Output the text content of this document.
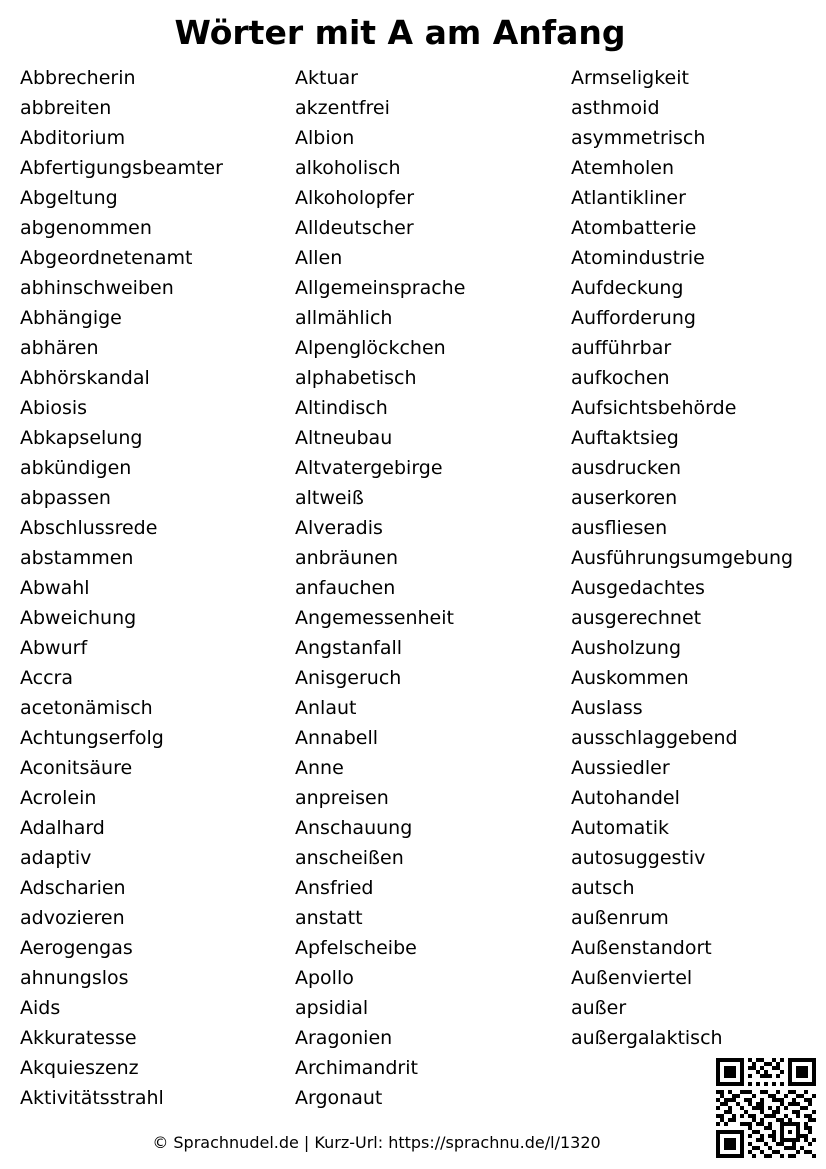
Wörter mit A am Anfang
Abbrecherin
abbreiten
Abditorium
Abfertigungsbeamter
Abgeltung
abgenommen
Abgeordnetenamt
abhinschweiben
Abhängige
abhären
Abhörskandal
Abiosis
Abkapselung
abkündigen
abpassen
Abschlussrede
abstammen
Abwahl
Abweichung
Abwurf
Accra
acetonämisch
Achtungserfolg
Aconitsäure
Acrolein
Adalhard
adaptiv
Adscharien
advozieren
Aerogengas
ahnungslos
Aids
Akkuratesse
Akquieszenz
Aktivitätsstrahl
Aktuar
akzentfrei
Albion
alkoholisch
Alkoholopfer
Alldeutscher
Allen
Allgemeinsprache
allmählich
Alpenglöckchen
alphabetisch
Altindisch
Altneubau
Altvatergebirge
altweiß
Alveradis
anbräunen
anfauchen
Angemessenheit
Angstanfall
Anisgeruch
Anlaut
Annabell
Anne
anpreisen
Anschauung
anscheißen
Ansfried
anstatt
Apfelscheibe
Apollo
apsidial
Aragonien
Archimandrit
Argonaut
Armseligkeit
asthmoid
asymmetrisch
Atemholen
Atlantikliner
Atombatterie
Atomindustrie
Aufdeckung
Aufforderung
aufführbar
aufkochen
Aufsichtsbehörde
Auftaktsieg
ausdrucken
auserkoren
ausfliesen
Ausführungsumgebung
Ausgedachtes
ausgerechnet
Ausholzung
Auskommen
Auslass
ausschlaggebend
Aussiedler
Autohandel
Automatik
autosuggestiv
autsch
außenrum
Außenstandort
Außenviertel
außer
außergalaktisch
© Sprachnudel.de | Kurz-Url: https://sprachnu.de/l/1320
